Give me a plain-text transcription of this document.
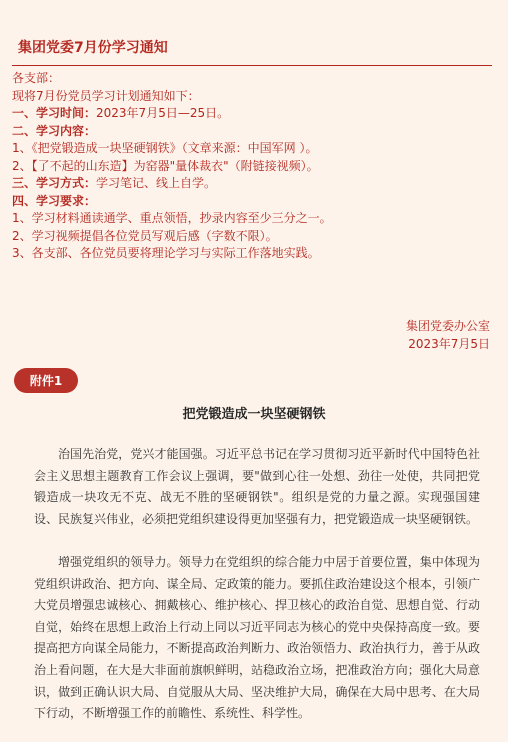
集团党委7月份学习通知
各支部：
现将7月份党员学习计划通知如下：
一、学习时间：2023年7月5日—25日。
二、学习内容：
1、《把党锻造成一块坚硬钢铁》（文章来源：中国军网 ）。
2、【了不起的山东造】为窑器"量体裁衣"（附链接视频）。
三、学习方式：学习笔记、线上自学。
四、学习要求：
1、学习材料通读通学、重点领悟，抄录内容至少三分之一。
2、学习视频提倡各位党员写观后感（字数不限）。
3、各支部、各位党员要将理论学习与实际工作落地实践。
集团党委办公室
2023年7月5日
附件1
把党锻造成一块坚硬钢铁

治国先治党，党兴才能国强。习近平总书记在学习贯彻习近平新时代中国特色社会主义思想主题教育工作会议上强调，要"做到心往一处想、劲往一处使，共同把党锻造成一块攻无不克、战无不胜的坚硬钢铁"。组织是党的力量之源。实现强国建设、民族复兴伟业，必须把党组织建设得更加坚强有力，把党锻造成一块坚硬钢铁。

增强党组织的领导力。领导力在党组织的综合能力中居于首要位置，集中体现为党组织讲政治、把方向、谋全局、定政策的能力。要抓住政治建设这个根本，引领广大党员增强忠诚核心、拥戴核心、维护核心、捍卫核心的政治自觉、思想自觉、行动自觉，始终在思想上政治上行动上同以习近平同志为核心的党中央保持高度一致。要提高把方向谋全局能力，不断提高政治判断力、政治领悟力、政治执行力，善于从政治上看问题，在大是大非面前旗帜鲜明，站稳政治立场，把准政治方向；强化大局意识，做到正确认识大局、自觉服从大局、坚决维护大局，确保在大局中思考、在大局下行动，不断增强工作的前瞻性、系统性、科学性。
